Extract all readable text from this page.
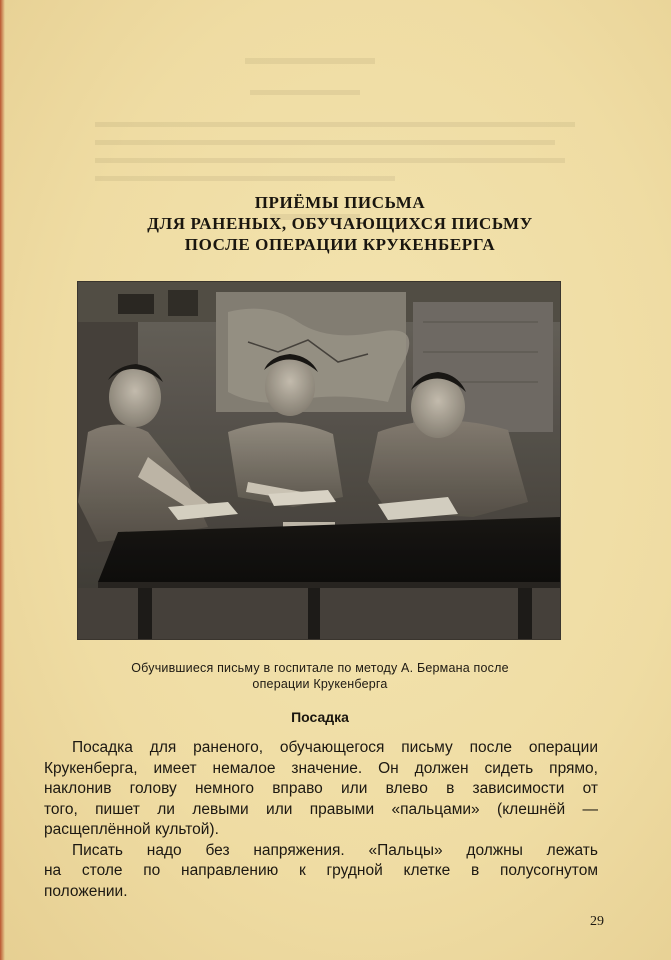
ПРИЁМЫ ПИСЬМА
ДЛЯ РАНЕНЫХ, ОБУЧАЮЩИХСЯ ПИСЬМУ
ПОСЛЕ ОПЕРАЦИИ КРУКЕНБЕРГА
Обучившиеся письму в госпитале по методу А. Бермана после
операции Крукенберга
Посадка
Посадка для раненого, обучающегося письму после операции
Крукенберга, имеет немалое значение. Он должен сидеть прямо,
наклонив голову немного вправо или влево в зависимости от
того, пишет ли левыми или правыми «пальцами» (клешнёй —
расщеплённой культой).
Писать надо без напряжения. «Пальцы» должны лежать
на столе по направлению к грудной клетке в полусогнутом
положении.
29
